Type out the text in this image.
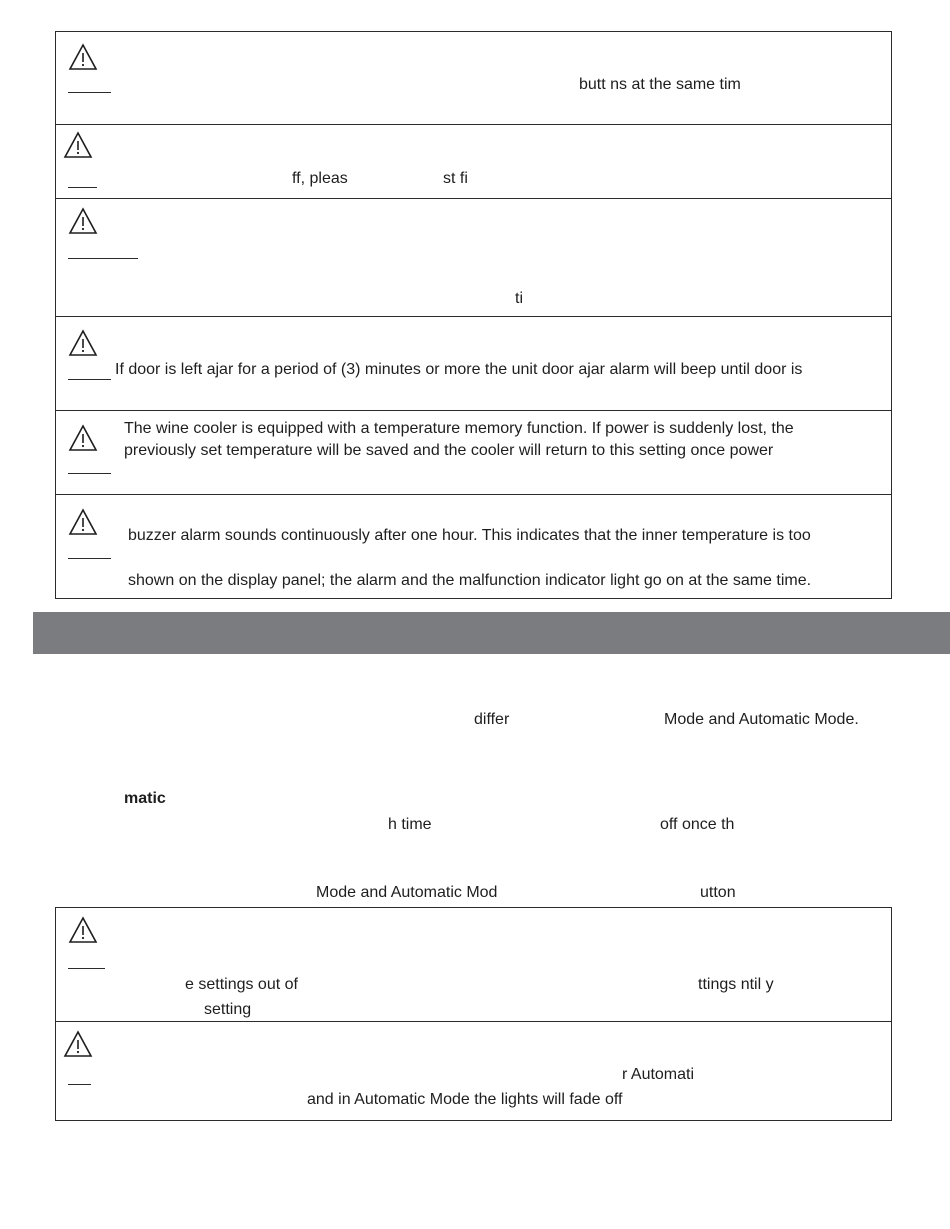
butt ns at the same tim
ff, pleas	st fi
ti
If door is left ajar for a period of (3) minutes or more the unit door ajar alarm will beep until door is
The wine cooler is equipped with a temperature memory function. If power is suddenly lost, the
previously set temperature will be saved and the cooler will return to this setting once power
buzzer alarm sounds continuously after one hour. This indicates that the inner temperature is too
shown on the display panel; the alarm and the malfunction indicator light go on at the same time.
differ	Mode and Automatic Mode.
matic
h time	off once th
Mode and Automatic Mod	utton
e settings out of	ttings ntil y
setting
r Automati
and in Automatic Mode the lights will fade off
